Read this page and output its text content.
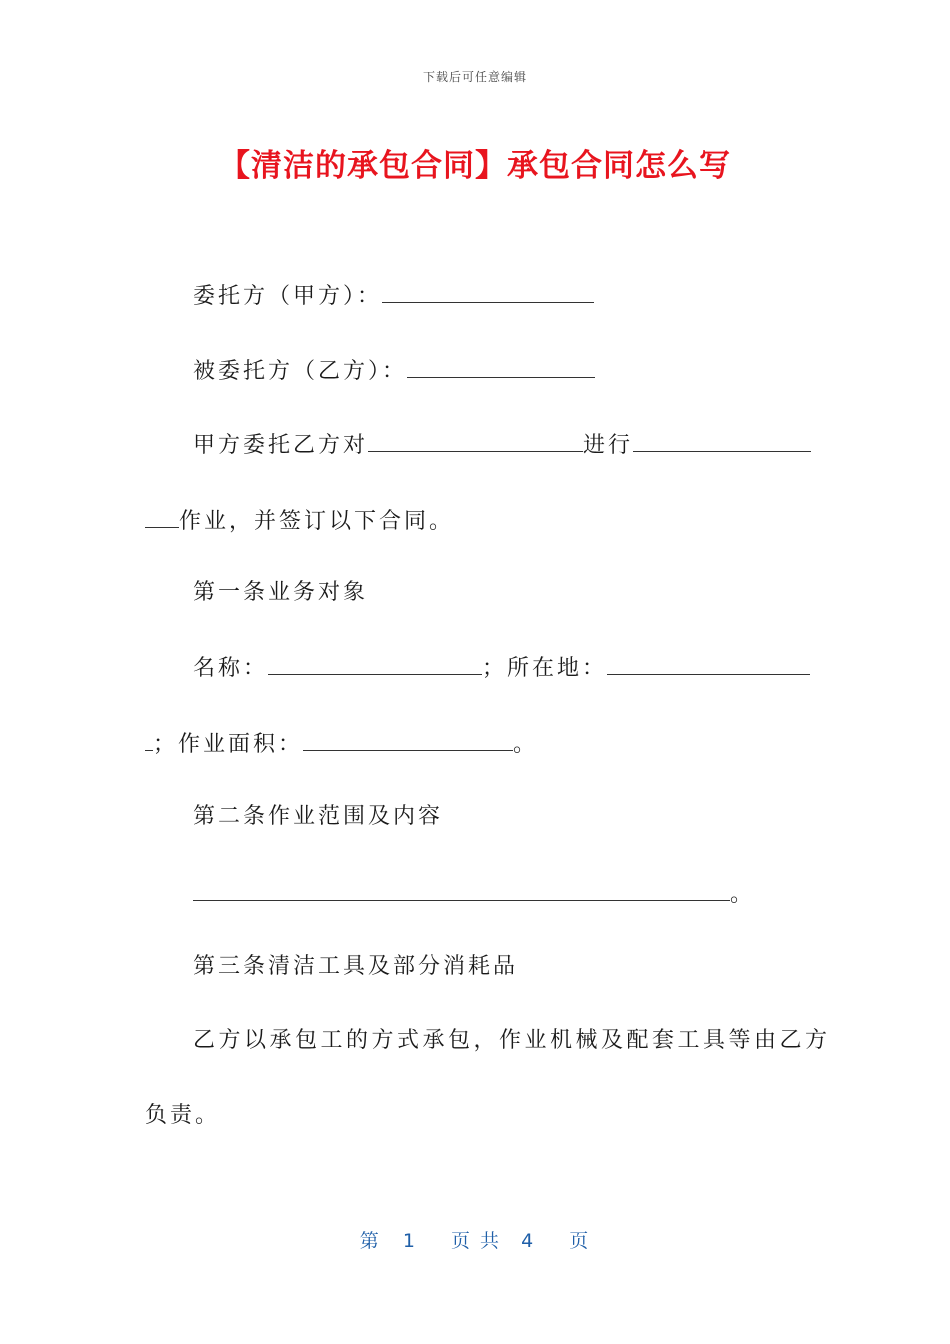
下载后可任意编辑
【清洁的承包合同】承包合同怎么写
委托方（甲方）：
被委托方（乙方）：
甲方委托乙方对	进行
作业，并签订以下合同。
第一条业务对象
名称：	；所在地：
；作业面积：	。
第二条作业范围及内容
。
第三条清洁工具及部分消耗品
乙方以承包工的方式承包，作业机械及配套工具等由乙方
负责。
第 1 页 共 4 页
